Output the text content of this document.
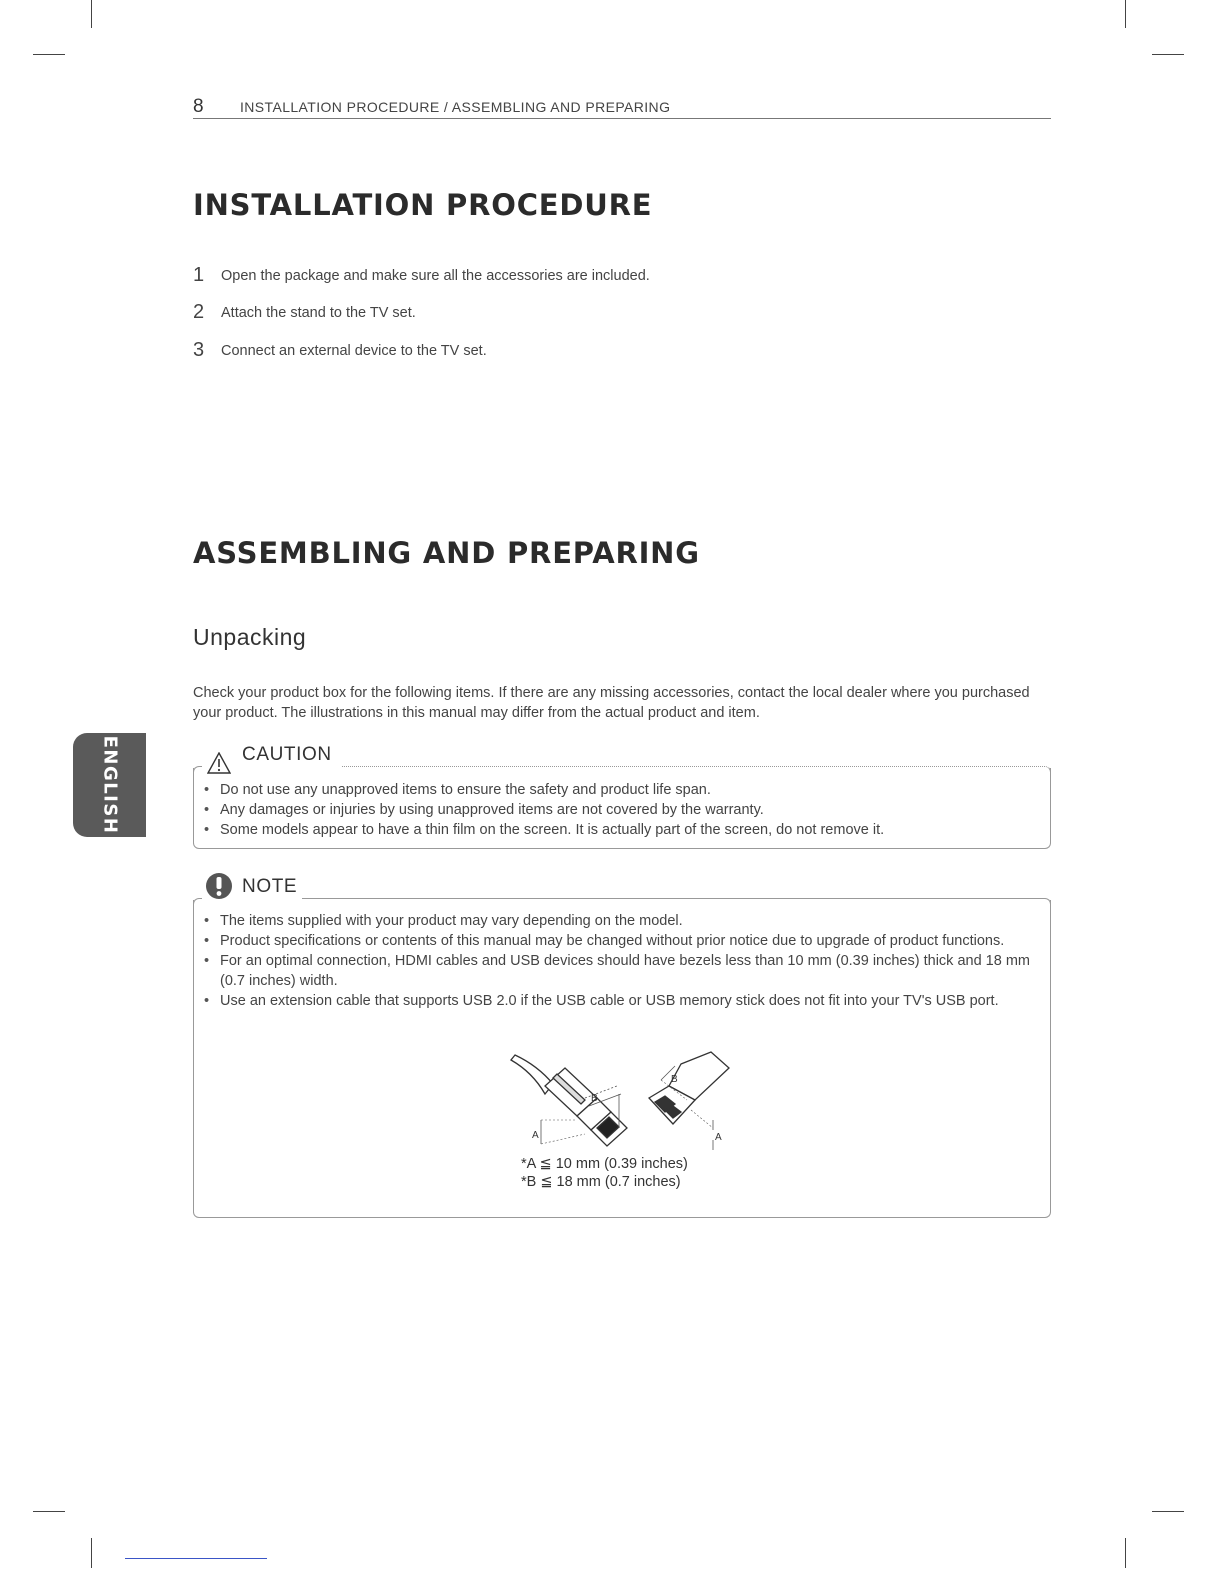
8	INSTALLATION PROCEDURE / ASSEMBLING AND PREPARING
INSTALLATION PROCEDURE
1 Open the package and make sure all the accessories are included.
2 Attach the stand to the TV set.
3 Connect an external device to the TV set.
ASSEMBLING AND PREPARING
Unpacking

Check your product box for the following items. If there are any missing accessories, contact the local dealer where you purchased your product. The illustrations in this manual may differ from the actual product and item.

ENGLISH	CAUTION
• Do not use any unapproved items to ensure the safety and product life span.
• Any damages or injuries by using unapproved items are not covered by the warranty.
• Some models appear to have a thin film on the screen. It is actually part of the screen, do not remove it.
NOTE
• The items supplied with your product may vary depending on the model.
• Product specifications or contents of this manual may be changed without prior notice due to upgrade of product functions.
• For an optimal connection, HDMI cables and USB devices should have bezels less than 10 mm (0.39 inches) thick and 18 mm (0.7 inches) width.
• Use an extension cable that supports USB 2.0 if the USB cable or USB memory stick does not fit into your TV's USB port.
B
A
B
A
*A ≦ 10 mm (0.39 inches)
*B ≦ 18 mm (0.7 inches)
